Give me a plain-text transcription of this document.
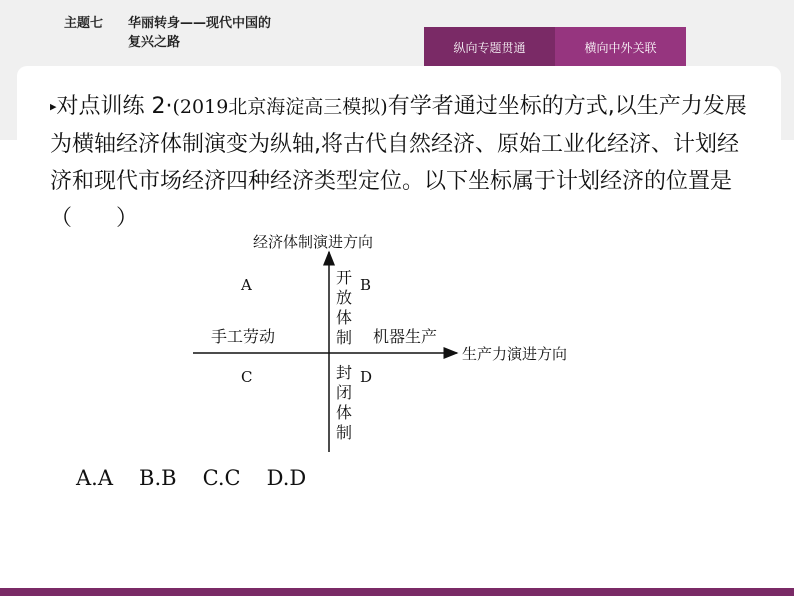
主题七 华丽转身——现代中国的
复兴之路	纵向专题贯通	横向中外关联
▸对点训练 2·(2019北京海淀高三模拟)有学者通过坐标的方式,以生产力发展为横轴经济体制演变为纵轴,将古代自然经济、原始工业化经济、计划经济和现代市场经济四种经济类型定位。以下坐标属于计划经济的位置是（　　）
经济体制演进方向
生产力演进方向
手工劳动	机器生产
开
放
体
制
封
闭
体
制
A	B
C	D
A.A B.B C.C D.D
